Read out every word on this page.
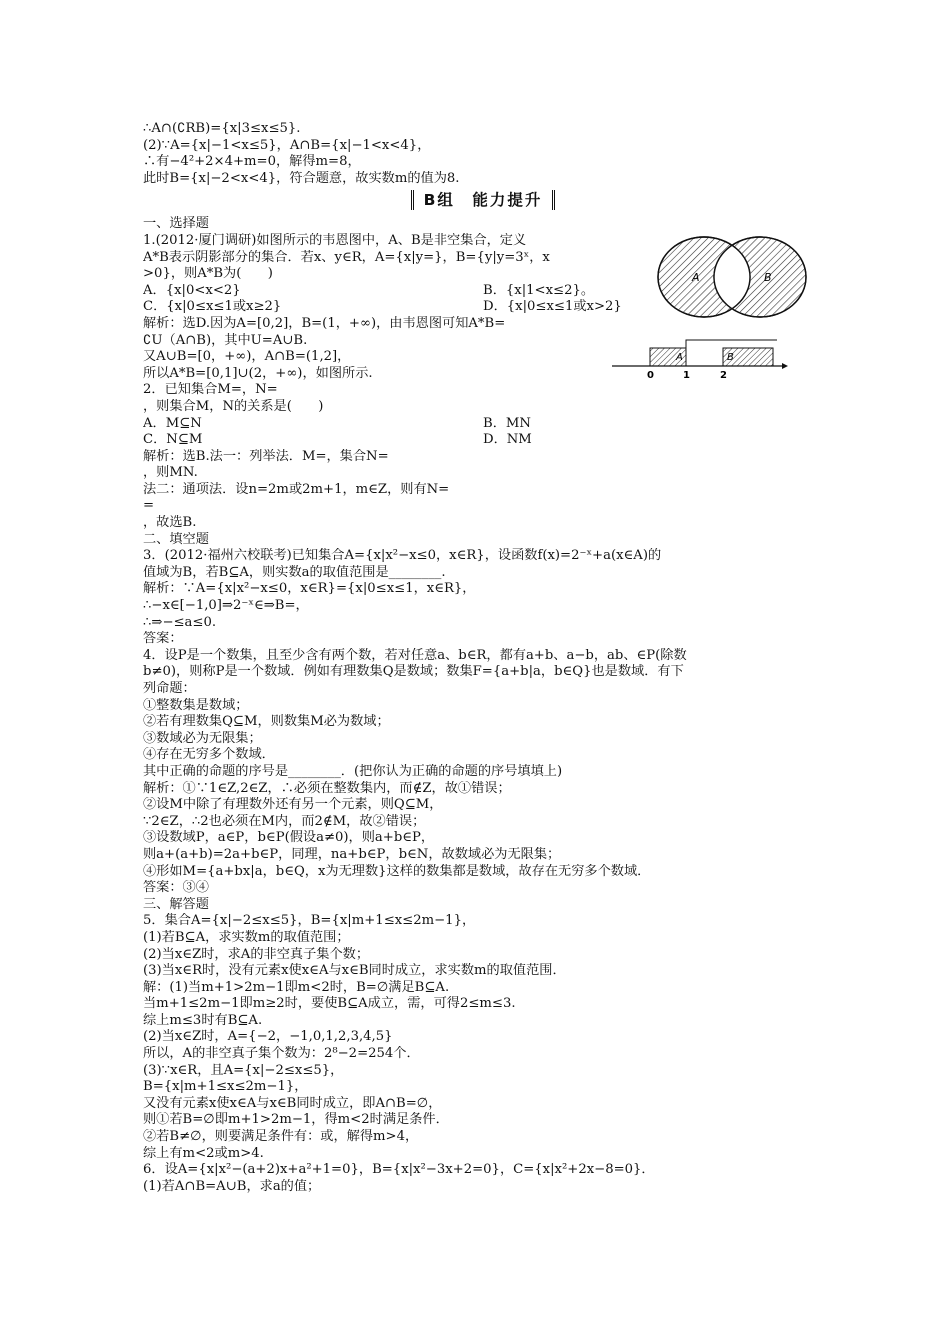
A	B
A	B
0	1	2
∴A∩(∁RB)={x|3≤x≤5}.
(2)∵A={x|−1<x≤5}，A∩B={x|−1<x<4}，
∴有−4²+2×4+m=0，解得m=8，
此时B={x|−2<x<4}，符合题意，故实数m的值为8.
B组　能力提升
一、选择题
1.(2012·厦门调研)如图所示的韦恩图中，A、B是非空集合，定义
A*B表示阴影部分的集合．若x、y∈R，A={x|y=}，B={y|y=3ˣ，x
>0}，则A*B为(　　)
A．{x|0<x<2}	B．{x|1<x≤2}。
C．{x|0≤x≤1或x≥2}	D．{x|0≤x≤1或x>2}
解析：选D.因为A=[0,2]，B=(1，+∞)，由韦恩图可知A*B=
∁U（A∩B)，其中U=A∪B.
又A∪B=[0，+∞)，A∩B=(1,2]，
所以A*B=[0,1]∪(2，+∞)，如图所示.
2．已知集合M=，N=
，则集合M，N的关系是(　　)
A．M⊆N	B．MN
C．N⊆M	D．NM
解析：选B.法一：列举法．M=，集合N=
，则MN.
法二：通项法．设n=2m或2m+1，m∈Z，则有N=
=
，故选B.
二、填空题
3．(2012·福州六校联考)已知集合A={x|x²−x≤0，x∈R}，设函数f(x)=2⁻ˣ+a(x∈A)的
值域为B，若B⊆A，则实数a的取值范围是________.
解析：∵A={x|x²−x≤0，x∈R}={x|0≤x≤1，x∈R}，
∴−x∈[−1,0]⇒2⁻ˣ∈⇒B=，
∴⇒−≤a≤0.
答案：
4．设P是一个数集，且至少含有两个数，若对任意a、b∈R，都有a+b、a−b，ab、∈P(除数
b≠0)，则称P是一个数域．例如有理数集Q是数域；数集F={a+b|a，b∈Q}也是数域．有下
列命题：
①整数集是数域；
②若有理数集Q⊆M，则数集M必为数域；
③数域必为无限集；
④存在无穷多个数域．
其中正确的命题的序号是________．(把你认为正确的命题的序号填填上)
解析：①∵1∈Z,2∈Z，∴必须在整数集内，而∉Z，故①错误；
②设M中除了有理数外还有另一个元素，则Q⊆M，
∵2∈Z，∴2也必须在M内，而2∉M，故②错误；
③设数域P，a∈P，b∈P(假设a≠0)，则a+b∈P，
则a+(a+b)=2a+b∈P，同理，na+b∈P，b∈N，故数域必为无限集；
④形如M={a+bx|a，b∈Q，x为无理数}这样的数集都是数域，故存在无穷多个数域．
答案：③④
三、解答题
5．集合A={x|−2≤x≤5}，B={x|m+1≤x≤2m−1}，
(1)若B⊆A，求实数m的取值范围；
(2)当x∈Z时，求A的非空真子集个数；
(3)当x∈R时，没有元素x使x∈A与x∈B同时成立，求实数m的取值范围．
解：(1)当m+1>2m−1即m<2时，B=∅满足B⊆A.
当m+1≤2m−1即m≥2时，要使B⊆A成立，需，可得2≤m≤3.
综上m≤3时有B⊆A.
(2)当x∈Z时，A={−2，−1,0,1,2,3,4,5}
所以，A的非空真子集个数为：2⁸−2=254个．
(3)∵x∈R，且A={x|−2≤x≤5}，
B={x|m+1≤x≤2m−1}，
又没有元素x使x∈A与x∈B同时成立，即A∩B=∅，
则①若B=∅即m+1>2m−1，得m<2时满足条件．
②若B≠∅，则要满足条件有：或，解得m>4，
综上有m<2或m>4.
6．设A={x|x²−(a+2)x+a²+1=0}，B={x|x²−3x+2=0}，C={x|x²+2x−8=0}．
(1)若A∩B=A∪B，求a的值；
